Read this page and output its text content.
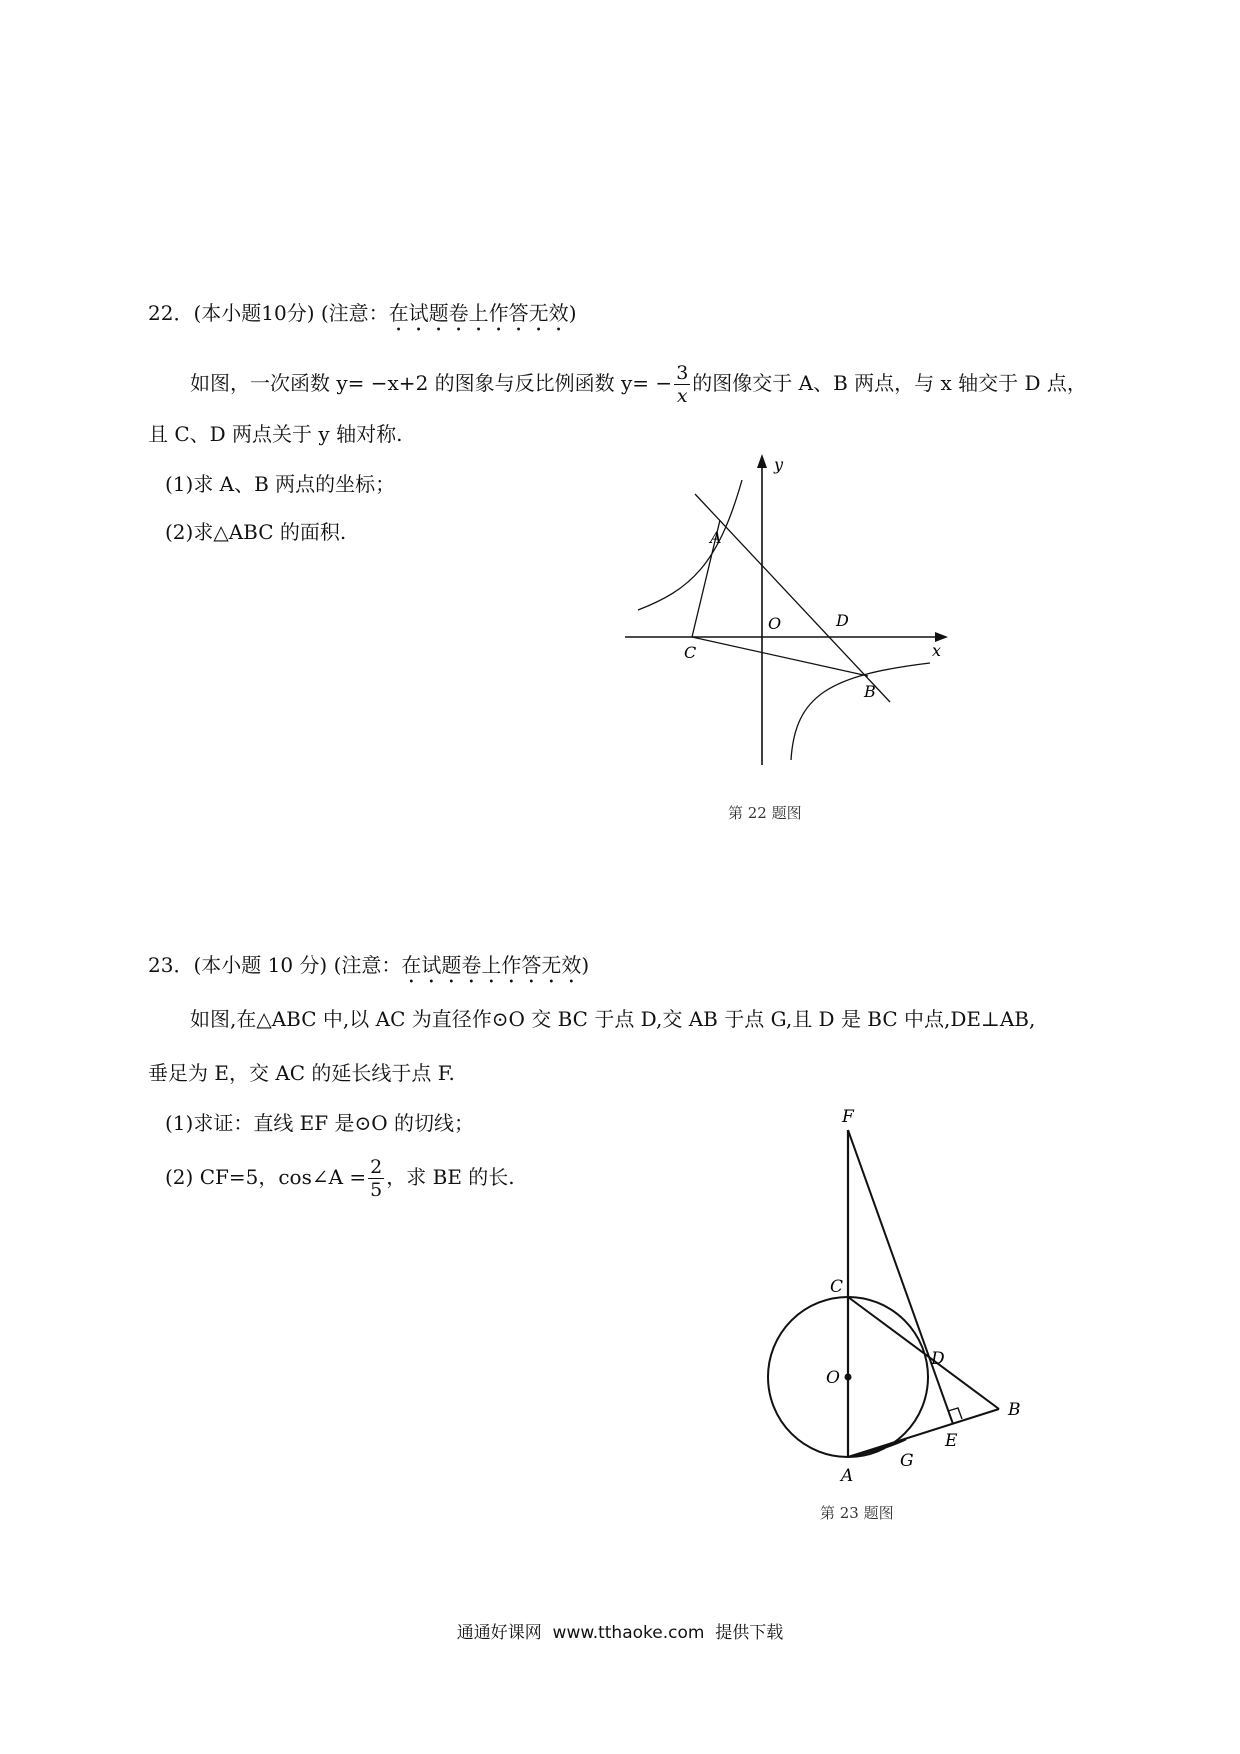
22．(本小题10分) (注意：在试题卷上作答无效)
如图，一次函数 y= −x+2 的图象与反比例函数 $y= - \frac{3}{x}$ 的图像交于 A、B 两点，与 x 轴交于 D 点，
且 C、D 两点关于 y 轴对称.
(1)求 A、B 两点的坐标；
(2)求△ABC 的面积.
y
x
O
A
B
C
D
第 22 题图
23．(本小题 10 分) (注意：在试题卷上作答无效)
如图,在△ABC 中,以 AC 为直径作⊙O 交 BC 于点 D,交 AB 于点 G,且 D 是 BC 中点,DE⊥AB,
垂足为 E，交 AC 的延长线于点 F.
(1)求证：直线 EF 是⊙O 的切线；
(2) CF=5，cos∠A = $\frac{2}{5}$ ，求 BE 的长.
F
C
D
O
B
E
G
A
第 23 题图
通通好课网  www.tthaoke.com  提供下载
